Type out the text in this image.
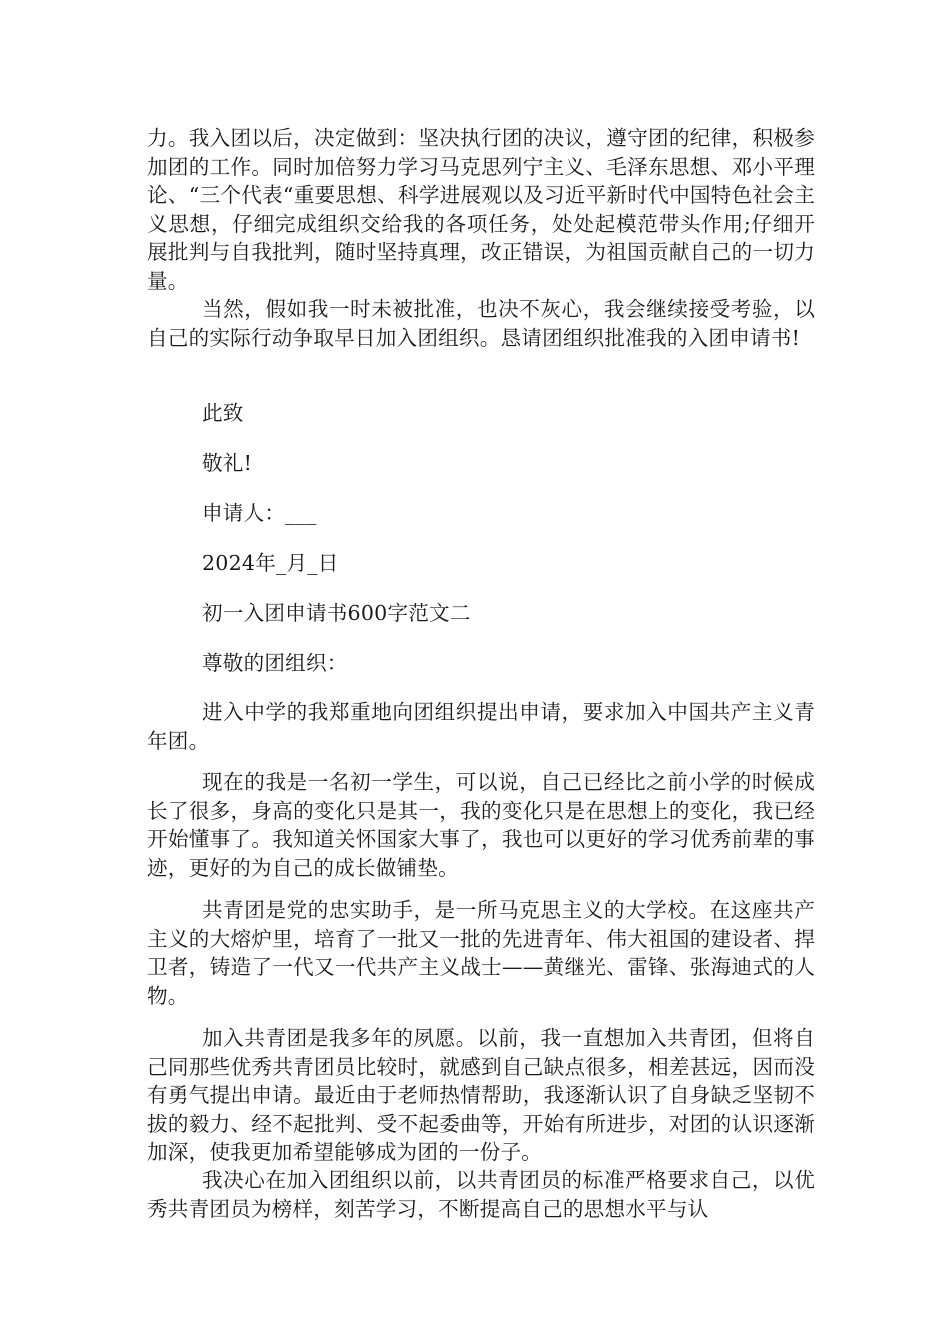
力。我入团以后，决定做到：坚决执行团的决议，遵守团的纪律，积极参加团的工作。同时加倍努力学习马克思列宁主义、毛泽东思想、邓小平理论、“三个代表“重要思想、科学进展观以及习近平新时代中国特色社会主义思想，仔细完成组织交给我的各项任务，处处起模范带头作用;仔细开展批判与自我批判，随时坚持真理，改正错误，为祖国贡献自己的一切力量。
当然，假如我一时未被批准，也决不灰心，我会继续接受考验，以自己的实际行动争取早日加入团组织。恳请团组织批准我的入团申请书!
此致
敬礼!
申请人：___
2024年_月_日
初一入团申请书600字范文二
尊敬的团组织：
进入中学的我郑重地向团组织提出申请，要求加入中国共产主义青年团。
现在的我是一名初一学生，可以说，自己已经比之前小学的时候成长了很多，身高的变化只是其一，我的变化只是在思想上的变化，我已经开始懂事了。我知道关怀国家大事了，我也可以更好的学习优秀前辈的事迹，更好的为自己的成长做铺垫。
共青团是党的忠实助手，是一所马克思主义的大学校。在这座共产主义的大熔炉里，培育了一批又一批的先进青年、伟大祖国的建设者、捍卫者，铸造了一代又一代共产主义战士——黄继光、雷锋、张海迪式的人物。
加入共青团是我多年的夙愿。以前，我一直想加入共青团，但将自己同那些优秀共青团员比较时，就感到自己缺点很多，相差甚远，因而没有勇气提出申请。最近由于老师热情帮助，我逐渐认识了自身缺乏坚韧不拔的毅力、经不起批判、受不起委曲等，开始有所进步，对团的认识逐渐加深，使我更加希望能够成为团的一份子。
我决心在加入团组织以前，以共青团员的标准严格要求自己，以优秀共青团员为榜样，刻苦学习，不断提高自己的思想水平与认
